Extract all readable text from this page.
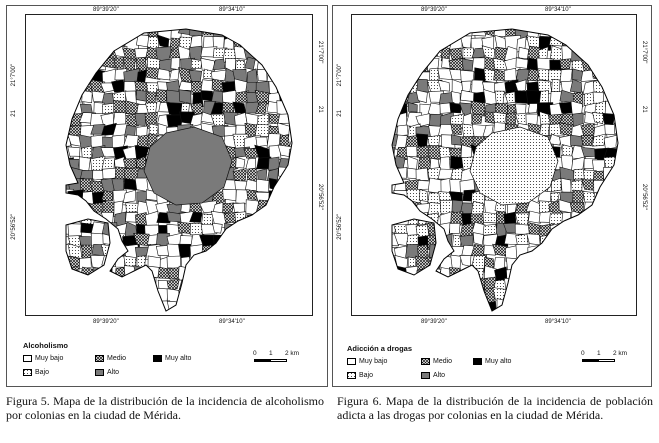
89°39'20"	89°34'10"
89°39'20"	89°34'10"
21°7'00"
21
20°56'52"
21°7'00"
21
20°56'52"
Alcoholismo
Muy bajo
Bajo
Medio
Alto
Muy alto
0 1 2 km
89°39'20"	89°34'10"
89°39'20"	89°34'10"
21°7'00"
21
20°56'52"
21°7'00"
21
20°56'52"
Adicción a drogas
Muy bajo
Bajo
Medio
Alto
Muy alto
0 1 2 km

Figura 5. Mapa de la distribución de la incidencia de alcoholismo por colonias en la ciudad de Mérida.

Figura 6. Mapa de la distribución de la incidencia de población adicta a las drogas por colonias en la ciudad de Mérida.
